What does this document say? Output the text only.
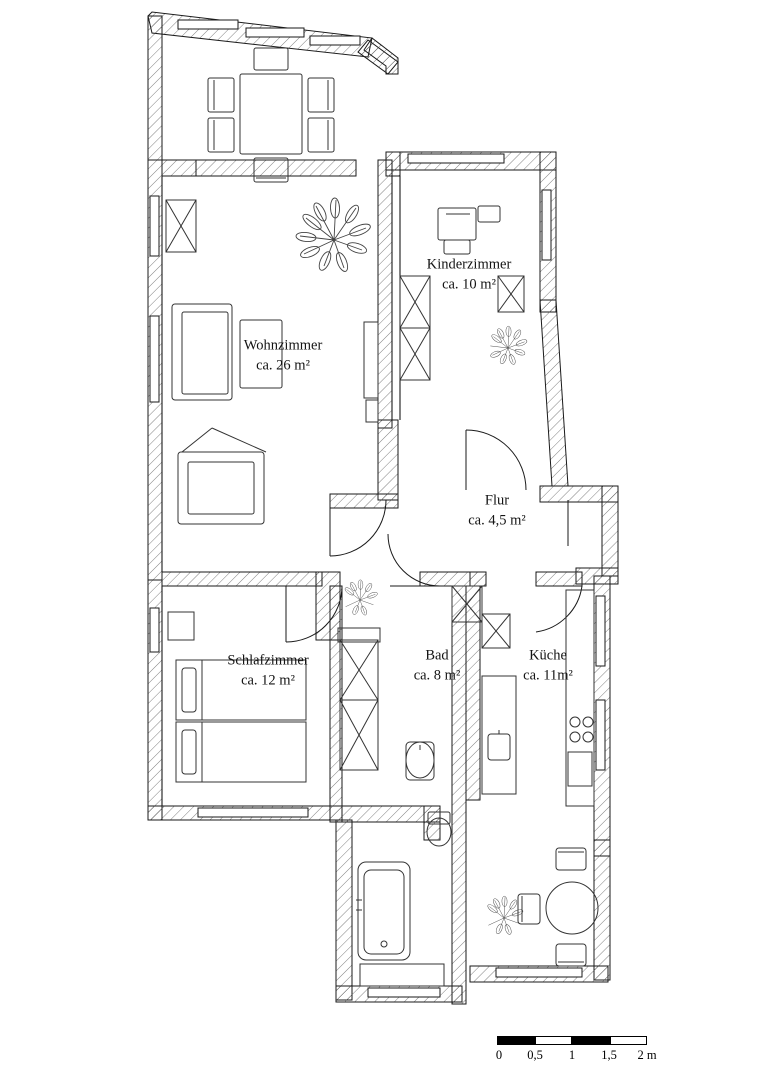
Wohnzimmer
ca. 26 m²
Kinderzimmer
ca. 10 m²
Flur
ca. 4,5 m²
Schlafzimmer
ca. 12 m²
Bad
ca. 8 m²
Küche
ca. 11m²
0 0,5 1 1,5 2 m
